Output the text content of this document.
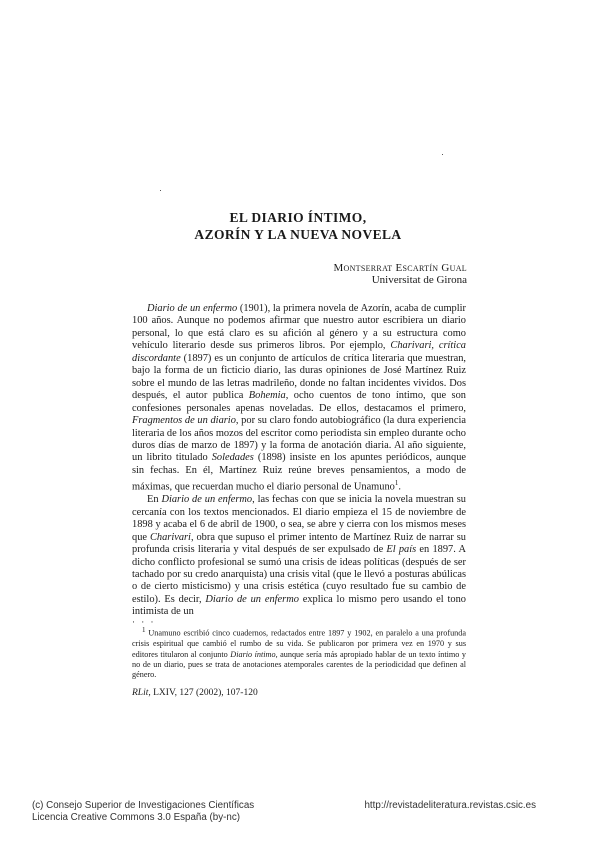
EL DIARIO ÍNTIMO,
AZORÍN Y LA NUEVA NOVELA
Montserrat Escartín Gual
Universitat de Girona

Diario de un enfermo (1901), la primera novela de Azorín, acaba de cumplir 100 años. Aunque no podemos afirmar que nuestro autor escribiera un diario personal, lo que está claro es su afición al género y a su estructura como vehículo literario desde sus primeros libros. Por ejemplo, Charivari, crítica discordante (1897) es un conjunto de artículos de crítica literaria que muestran, bajo la forma de un ficticio diario, las duras opiniones de José Martínez Ruiz sobre el mundo de las letras madrileño, donde no faltan incidentes vividos. Dos después, el autor publica Bohemia, ocho cuentos de tono íntimo, que son confesiones personales apenas noveladas. De ellos, destacamos el primero, Fragmentos de un diario, por su claro fondo autobiográfico (la dura experiencia literaria de los años mozos del escritor como periodista sin empleo durante ocho duros días de marzo de 1897) y la forma de anotación diaria. Al año siguiente, un librito titulado Soledades (1898) insiste en los apuntes periódicos, aunque sin fechas. En él, Martínez Ruiz reúne breves pensamientos, a modo de máximas, que recuerdan mucho el diario personal de Unamuno$^1$.

En Diario de un enfermo, las fechas con que se inicia la novela muestran su cercanía con los textos mencionados. El diario empieza el 15 de noviembre de 1898 y acaba el 6 de abril de 1900, o sea, se abre y cierra con los mismos meses que Charivari, obra que supuso el primer intento de Martínez Ruiz de narrar su profunda crisis literaria y vital después de ser expulsado de El país en 1897. A dicho conflicto profesional se sumó una crisis de ideas políticas (después de ser tachado por su credo anarquista) una crisis vital (que le llevó a posturas abúlicas o de cierto misticismo) y una crisis estética (cuyo resultado fue su cambio de estilo). Es decir, Diario de un enfermo explica lo mismo pero usando el tono intimista de un

· · ·

$^1$ Unamuno escribió cinco cuadernos, redactados entre 1897 y 1902, en paralelo a una profunda crisis espiritual que cambió el rumbo de su vida. Se publicaron por primera vez en 1970 y sus editores titularon al conjunto Diario íntimo, aunque sería más apropiado hablar de un texto íntimo y no de un diario, pues se trata de anotaciones atemporales carentes de la periodicidad que definen al género.

RLit, LXIV, 127 (2002), 107-120
(c) Consejo Superior de Investigaciones Científicas
Licencia Creative Commons 3.0 España (by-nc)
http://revistadeliteratura.revistas.csic.es
